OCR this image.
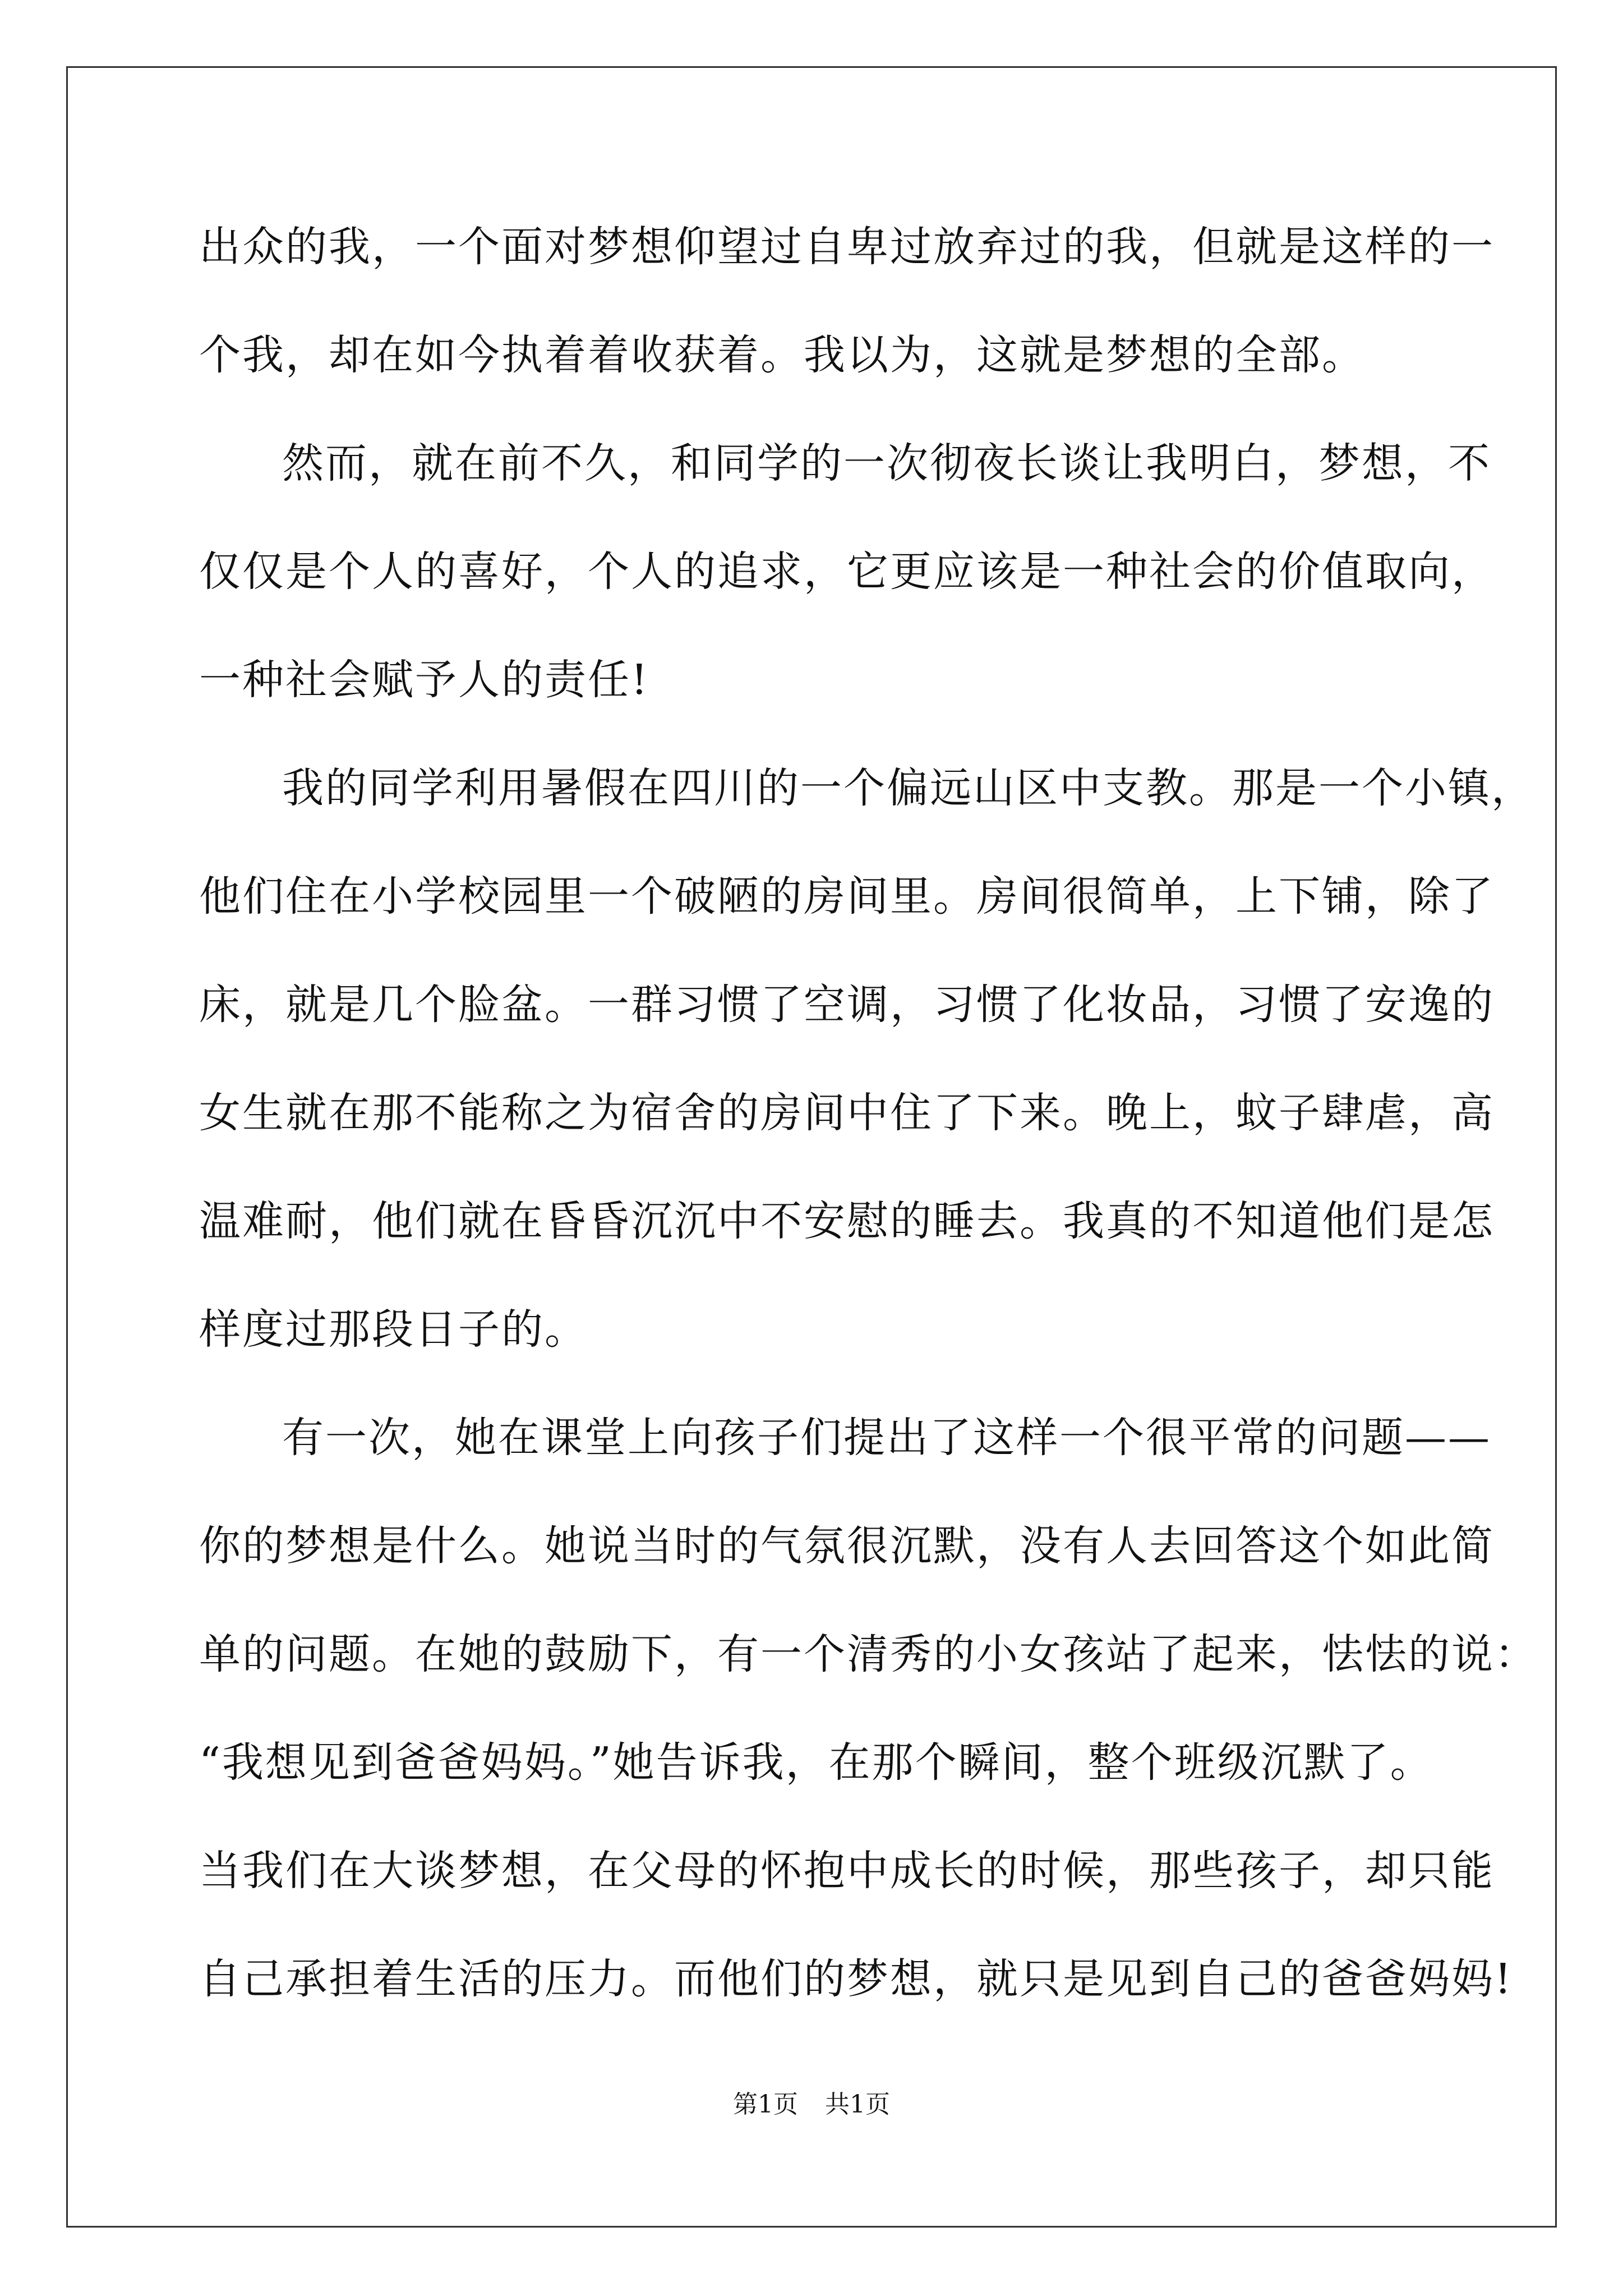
出众的我，一个面对梦想仰望过自卑过放弃过的我，但就是这样的一
个我，却在如今执着着收获着。我以为，这就是梦想的全部。
然而，就在前不久，和同学的一次彻夜长谈让我明白，梦想，不
仅仅是个人的喜好，个人的追求，它更应该是一种社会的价值取向，
一种社会赋予人的责任!
我的同学利用暑假在四川的一个偏远山区中支教。那是一个小镇，
他们住在小学校园里一个破陋的房间里。房间很简单，上下铺，除了
床，就是几个脸盆。一群习惯了空调，习惯了化妆品，习惯了安逸的
女生就在那不能称之为宿舍的房间中住了下来。晚上，蚊子肆虐，高
温难耐，他们就在昏昏沉沉中不安慰的睡去。我真的不知道他们是怎
样度过那段日子的。
有一次，她在课堂上向孩子们提出了这样一个很平常的问题——
你的梦想是什么。她说当时的气氛很沉默，没有人去回答这个如此简
单的问题。在她的鼓励下，有一个清秀的小女孩站了起来，怯怯的说：
“我想见到爸爸妈妈。”她告诉我，在那个瞬间，整个班级沉默了。
当我们在大谈梦想，在父母的怀抱中成长的时候，那些孩子，却只能
自己承担着生活的压力。而他们的梦想，就只是见到自己的爸爸妈妈!
第1页 共1页
